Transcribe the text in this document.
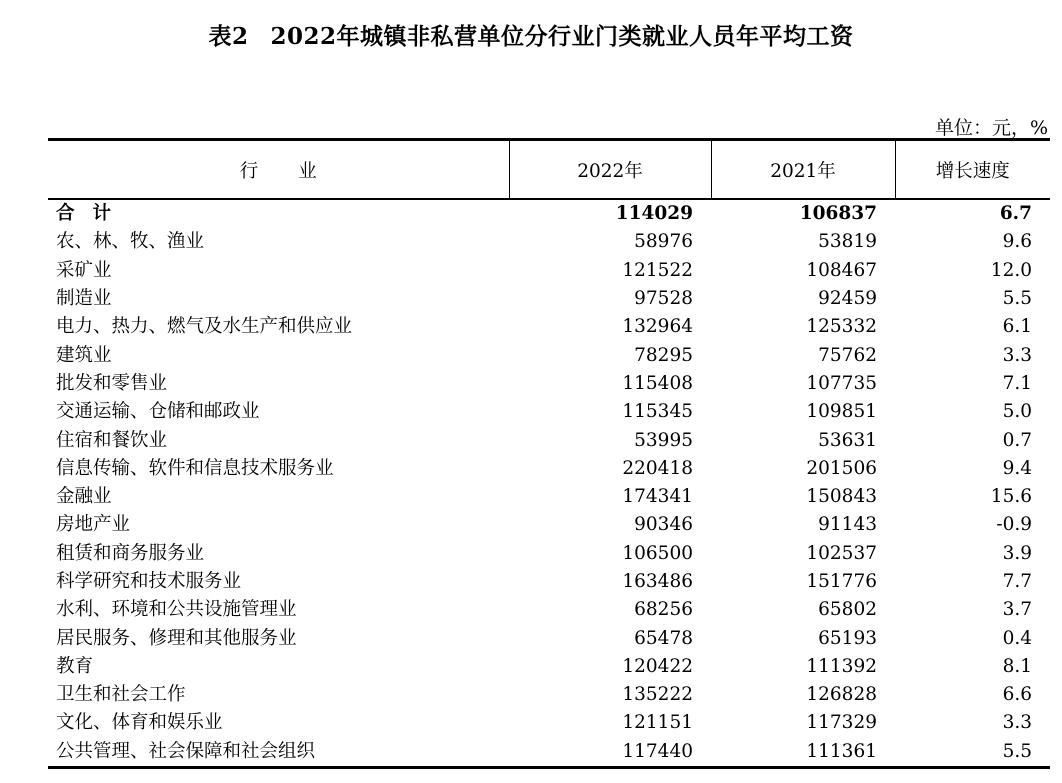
表2 2022年城镇非私营单位分行业门类就业人员年平均工资
单位：元，%
行业	2022年	2021年	增长速度
合计	114029	106837	6.7
农、林、牧、渔业	58976	53819	9.6
采矿业	121522	108467	12.0
制造业	97528	92459	5.5
电力、热力、燃气及水生产和供应业	132964	125332	6.1
建筑业	78295	75762	3.3
批发和零售业	115408	107735	7.1
交通运输、仓储和邮政业	115345	109851	5.0
住宿和餐饮业	53995	53631	0.7
信息传输、软件和信息技术服务业	220418	201506	9.4
金融业	174341	150843	15.6
房地产业	90346	91143	-0.9
租赁和商务服务业	106500	102537	3.9
科学研究和技术服务业	163486	151776	7.7
水利、环境和公共设施管理业	68256	65802	3.7
居民服务、修理和其他服务业	65478	65193	0.4
教育	120422	111392	8.1
卫生和社会工作	135222	126828	6.6
文化、体育和娱乐业	121151	117329	3.3
公共管理、社会保障和社会组织	117440	111361	5.5
